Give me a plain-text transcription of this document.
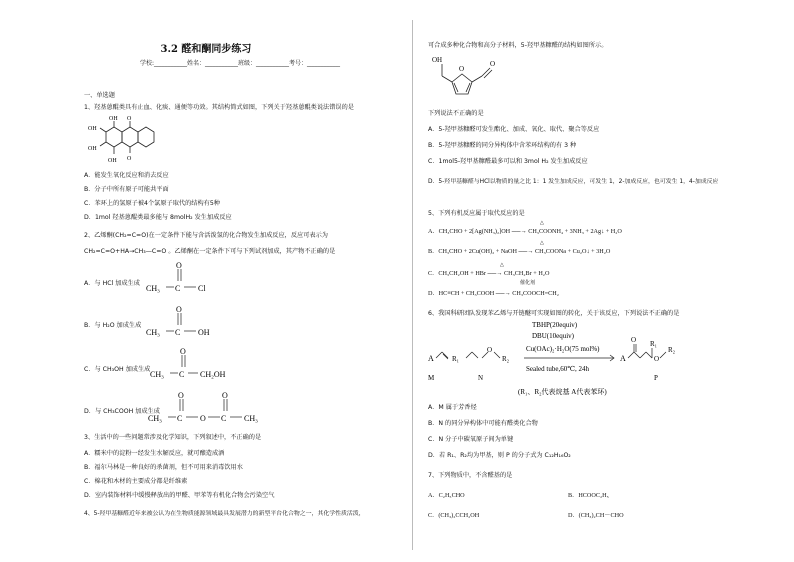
3.2 醛和酮同步练习
学校:___________姓名：___________班级：___________考号：___________
一、单选题
1、羟基蒽醌类具有止血、化痰、通便等功效。其结构简式如图，下列关于羟基蒽醌类说法错误的是
O
O
OH
OH
OH
OH
A．能发生氧化反应和消去反应
B．分子中所有原子可能共平面
C．苯环上的氢原子被4个氯原子取代的结构有5种
D．1mol 羟基蒽醌类最多能与 8molH₂ 发生加成反应
2、乙烯酮(CH₂=C=O)在一定条件下能与含活泼氢的化合物发生加成反应，反应可表示为
CH₂=C=O+HA→CH₃—C=O 。乙烯酮在一定条件下可与下列试剂加成，其产物不正确的是
A．与 HCl 加成生成
O
CH₃ C Cl
B．与 H₂O 加成生成
O
CH₃ C OH
C．与 CH₃OH 加成生成
O
CH₃ C CH₂OH
D．与 CH₃COOH 加成生成
O	O
CH₃ C O C CH₃
3、生活中的一些问题常涉及化学知识，下列叙述中，不正确的是
A．糯米中的淀粉一经发生水解反应，就可酿造成酒
B．福尔马林是一种良好的杀菌剂，但不可用来消毒饮用水
C．棉花和木材的主要成分都是纤维素
D．室内装饰材料中缓慢释放出的甲醛、甲苯等有机化合物会污染空气
4、5-羟甲基糠醛近年来被公认为在生物质能源领域最具发展潜力的新型平台化合物之一，其化学性质活泼，
可合成多种化合物和高分子材料，5-羟甲基糠醛的结构如图所示。
OH
O
O
下列说法不正确的是
A．5-羟甲基糠醛可发生酯化、加成、氧化、取代、聚合等反应
B．5-羟甲基糠醛的同分异构体中含苯环结构的有 3 种
C．1mol5-羟甲基糠醛最多可以和 3mol H₂ 发生加成反应
D．5-羟甲基糠醛与HCl以物质的量之比 1：1 发生加成反应，可发生 1，2-加成反应，也可发生 1，4-加成反应
5、下列有机反应属于取代反应的是
△
A．CH₃CHO + 2[Ag(NH₃)₂]OH ──→ CH₃COONH₄ + 3NH₃ + 2Ag↓ + H₂O
△
B．CH₃CHO + 2Cu(OH)₂ + NaOH ──→ CH₃COONa + Cu₂O↓ + 3H₂O
△
C．CH₃CH₂OH + HBr ──→ CH₃CH₂Br + H₂O
催化剂
D．HC≡CH + CH₃COOH ──→ CH₃COOCH=CH₂
6、我国科研团队发现苯乙烯与开链醚可实现如图的转化，关于该反应，下列说法不正确的是
A	R₁
O
R₂
TBHP(20equiv)
DBU(10equiv)
Cu(OAc)₂·H₂O(75 mol%)
Sealed tube,60℃, 24h
A
O R₁
O
R₂
M	N	P
(R₁、R₂代表烷基 A代表苯环)
A．M 属于芳香烃
B．N 的同分异构体中可能有醛类化合物
C．N 分子中碳氧原子间为单键
D．若 R₁、R₂均为甲基，则 P 的分子式为 C₁₂H₁₆O₂
7、下列物质中，不含醛基的是
A．C₂H₅CHO	B．HCOOC₂H₅
C．(CH₃)₂CCH₂OH	D．(CH₃)₂CH－CHO
